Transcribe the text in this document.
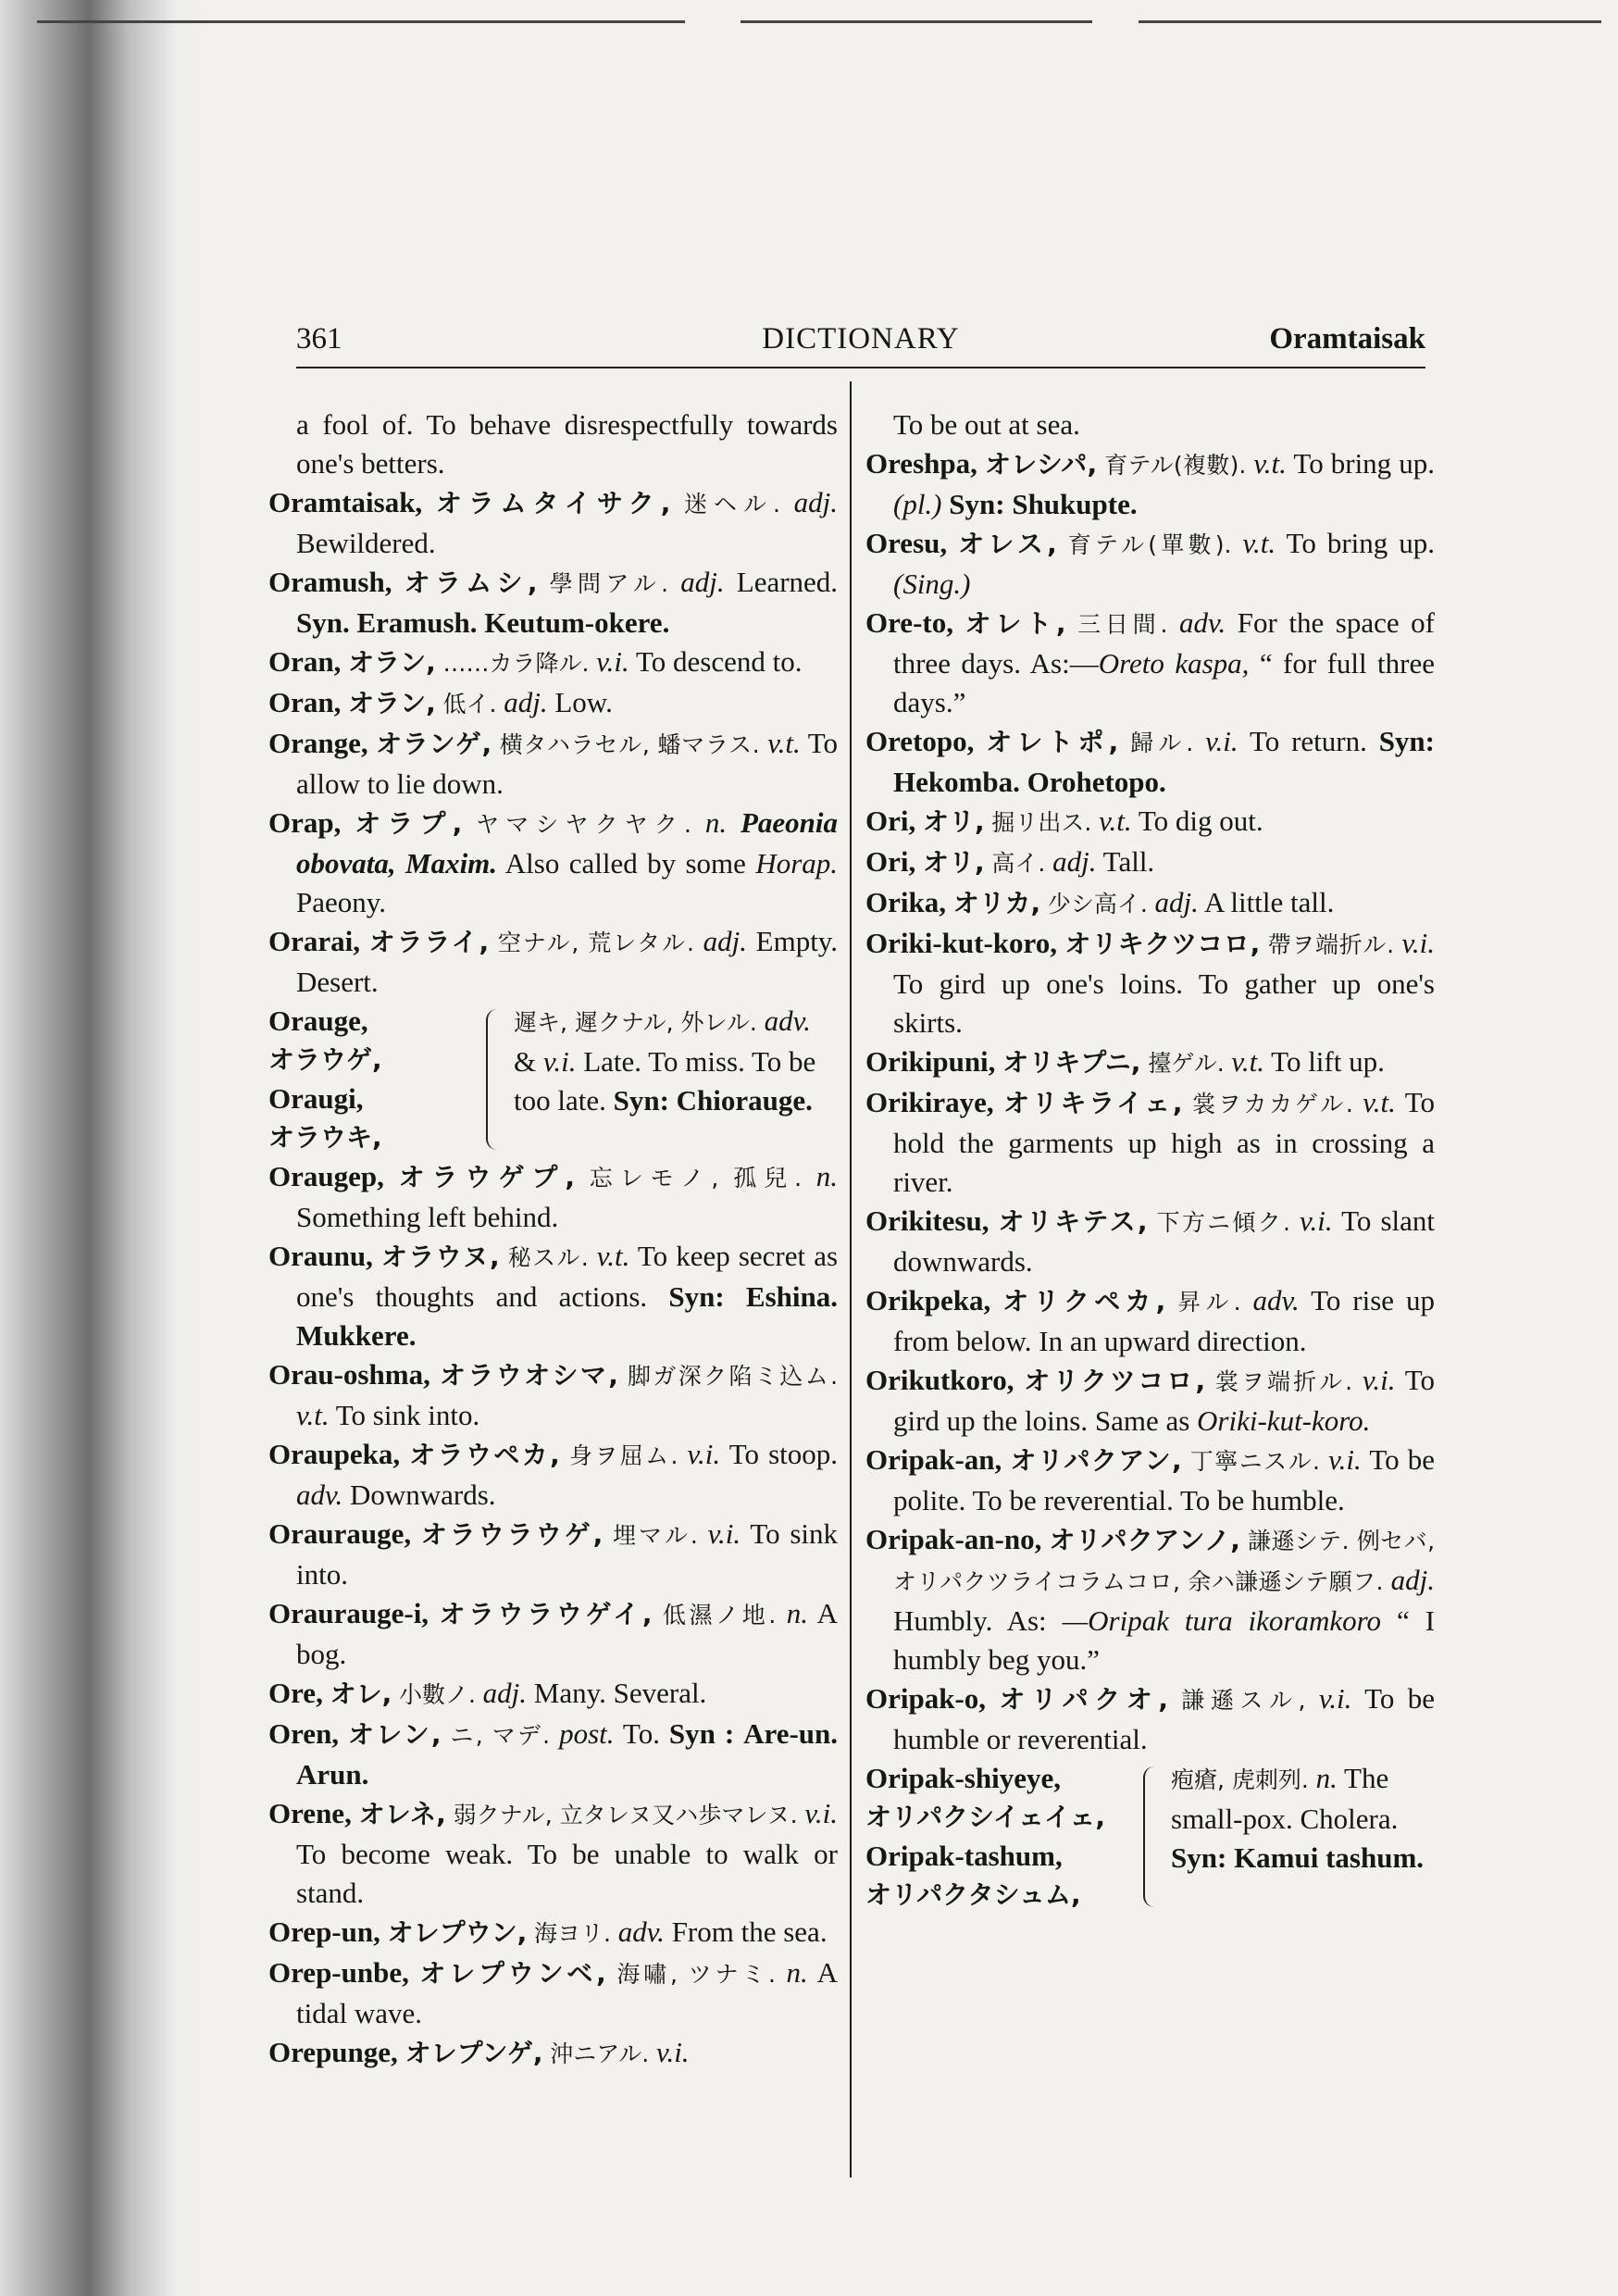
361	DICTIONARY	Oramtaisak

a fool of. To behave disrespectfully towards one's betters.

Oramtaisak, オラムタイサク, 迷ヘル. adj. Bewildered.

Oramush, オラムシ, 學問アル. adj. Learned. Syn. Eramush. Keutum-okere.

Oran, オラン, ……カラ降ル. v.i. To descend to.

Oran, オラン, 低イ. adj. Low.

Orange, オランゲ, 横タハラセル, 蟠マラス. v.t. To allow to lie down.

Orap, オラプ, ヤマシヤクヤク. n. Paeonia obovata, Maxim. Also called by some Horap. Paeony.

Orarai, オラライ, 空ナル, 荒レタル. adj. Empty. Desert.

Orauge,
オラウゲ,
Oraugi,
オラウキ,
遲キ, 遲クナル, 外レル. adv. & v.i. Late. To miss. To be too late. Syn: Chiorauge.

Oraugep, オラウゲプ, 忘レモノ, 孤兒. n. Something left behind.

Oraunu, オラウヌ, 秘スル. v.t. To keep secret as one's thoughts and actions. Syn: Eshina. Mukkere.

Orau-oshma, オラウオシマ, 脚ガ深ク陷ミ込ム. v.t. To sink into.

Oraupeka, オラウペカ, 身ヲ屈ム. v.i. To stoop. adv. Downwards.

Oraurauge, オラウラウゲ, 埋マル. v.i. To sink into.

Oraurauge-i, オラウラウゲイ, 低濕ノ地. n. A bog.

Ore, オレ, 小數ノ. adj. Many. Several.

Oren, オレン, ニ, マデ. post. To. Syn : Are-un. Arun.

Orene, オレネ, 弱クナル, 立タレヌ又ハ歩マレヌ. v.i. To become weak. To be unable to walk or stand.

Orep-un, オレプウン, 海ヨリ. adv. From the sea.

Orep-unbe, オレプウンベ, 海嘯, ツナミ. n. A tidal wave.

Orepunge, オレプンゲ, 沖ニアル. v.i.

To be out at sea.

Oreshpa, オレシパ, 育テル(複數). v.t. To bring up. (pl.) Syn: Shukupte.

Oresu, オレス, 育テル(單數). v.t. To bring up. (Sing.)

Ore-to, オレト, 三日間. adv. For the space of three days. As:—Oreto kaspa, “ for full three days.”

Oretopo, オレトポ, 歸ル. v.i. To return. Syn: Hekomba. Orohetopo.

Ori, オリ, 掘リ出ス. v.t. To dig out.

Ori, オリ, 高イ. adj. Tall.

Orika, オリカ, 少シ高イ. adj. A little tall.

Oriki-kut-koro, オリキクツコロ, 帶ヲ端折ル. v.i. To gird up one's loins. To gather up one's skirts.

Orikipuni, オリキプニ, 擡ゲル. v.t. To lift up.

Orikiraye, オリキライェ, 裳ヲカカゲル. v.t. To hold the garments up high as in crossing a river.

Orikitesu, オリキテス, 下方ニ傾ク. v.i. To slant downwards.

Orikpeka, オリクペカ, 昇ル. adv. To rise up from below. In an upward direction.

Orikutkoro, オリクツコロ, 裳ヲ端折ル. v.i. To gird up the loins. Same as Oriki-kut-koro.

Oripak-an, オリパクアン, 丁寧ニスル. v.i. To be polite. To be reverential. To be humble.

Oripak-an-no, オリパクアンノ, 謙遜シテ. 例セバ, オリパクツライコラムコロ, 余ハ謙遜シテ願フ. adj. Humbly. As: —Oripak tura ikoramkoro “ I humbly beg you.”

Oripak-o, オリパクオ, 謙遜スル, v.i. To be humble or reverential.

Oripak-shiyeye,
オリパクシイェイェ,
Oripak-tashum,
オリパクタシュム,
疱瘡, 虎刺列. n. The small-pox. Cholera. Syn: Kamui tashum.
